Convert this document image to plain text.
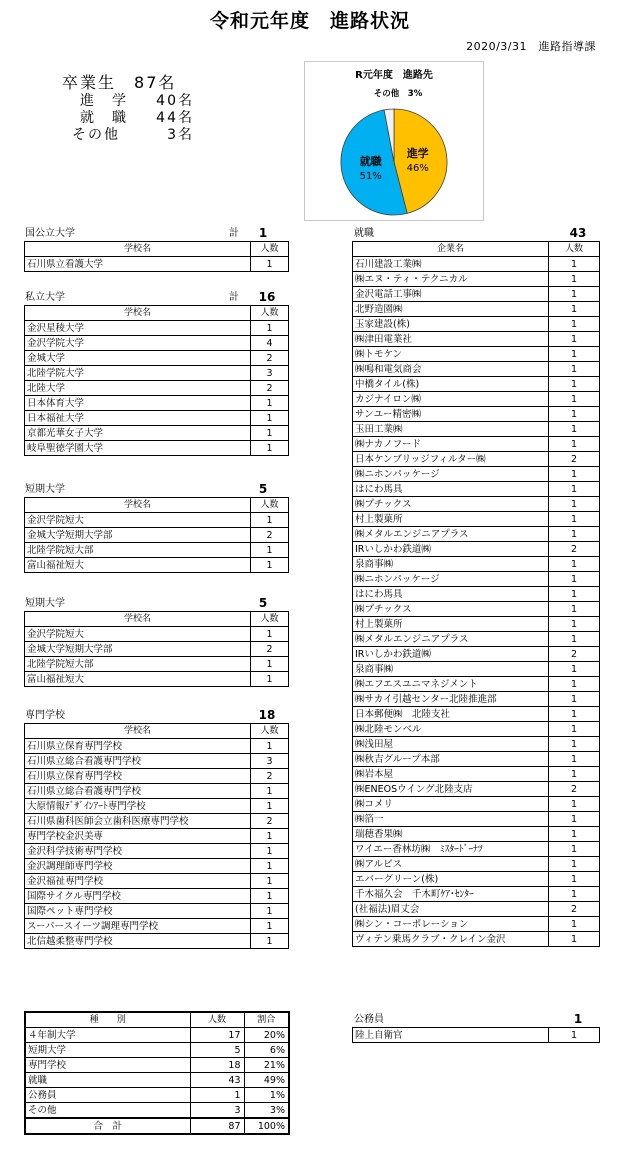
令和元年度　進路状況
2020/3/31　 進路指導課
卒業生　 87名
進　学 40名
就　職 44名
その他	3名
R元年度　進路先
進学
46%
就職
51%
その他　3%
国公立大学	計	1
学校名	人数
石川県立看護大学	1
私立大学	計	16
学校名	人数
金沢星稜大学	1
金沢学院大学	4
金城大学	2
北陸学院大学	3
北陸大学	2
日本体育大学	1
日本福祉大学	1
京都光華女子大学	1
岐阜聖徳学園大学	1
短期大学	5
学校名	人数
金沢学院短大	1
金城大学短期大学部	2
北陸学院短大部	1
富山福祉短大	1
短期大学	5
学校名	人数
金沢学院短大	1
金城大学短期大学部	2
北陸学院短大部	1
富山福祉短大	1
専門学校	18
学校名	人数
石川県立保育専門学校	1
石川県立総合看護専門学校	3
石川県立保育専門学校	2
石川県立総合看護専門学校	1
大原情報ﾃﾞｻﾞｲﾝｱｰﾄ専門学校	1
石川県歯科医師会立歯科医療専門学校	2
専門学校金沢美専	1
金沢科学技術専門学校	1
金沢調理師専門学校	1
金沢福祉専門学校	1
国際サイクル専門学校	1
国際ペット専門学校	1
スーパースイーツ調理専門学校	1
北信越柔整専門学校	1
就職	43
企業名	人数
石川建設工業㈱	1
㈱エヌ・ティ・テクニカル	1
金沢電話工事㈱	1
北野造園㈱	1
玉家建設(株)	1
㈱津田電業社	1
㈱トモケン	1
㈱鳴和電気商会	1
中橋タイル(株)	1
カジナイロン㈱	1
サンユー精密㈱	1
玉田工業㈱	1
㈱ナカノフード	1
日本ケンブリッジフィルター㈱	2
㈱ニホンパッケージ	1
はにわ馬具	1
㈱プチックス	1
村上製菓所	1
㈱メタルエンジニアプラス	1
IRいしかわ鉄道㈱	2
泉商事㈱	1
㈱ニホンパッケージ	1
はにわ馬具	1
㈱プチックス	1
村上製菓所	1
㈱メタルエンジニアプラス	1
IRいしかわ鉄道㈱	2
泉商事㈱	1
㈱エフエスユニマネジメント	1
㈱サカイ引越センター北陸推進部	1
日本郵便㈱　北陸支社	1
㈱北陸モンベル	1
㈱浅田屋	1
㈱秋吉グループ本部	1
㈱岩本屋	1
㈱ENEOSウイング北陸支店	2
㈱コメリ	1
㈱箔一	1
瑞穂香果㈱	1
ワイエー香林坊㈱　ﾐｽﾀｰﾄﾞｰﾅﾂ	1
㈱アルビス	1
エバーグリーン(株)	1
千木福久会　千木町ｹｱ･ｾﾝﾀｰ	1
(社福法)眉丈会	2
㈱シン・コーポレーション	1
ヴィテン乗馬クラブ・クレイン金沢	1
公務員	1
陸上自衛官	1
種　　別	人数	割合
４年制大学	17	20%
短期大学	5	6%
専門学校	18	21%
就職	43	49%
公務員	1	1%
その他	3	3%
合　計	87	100%
